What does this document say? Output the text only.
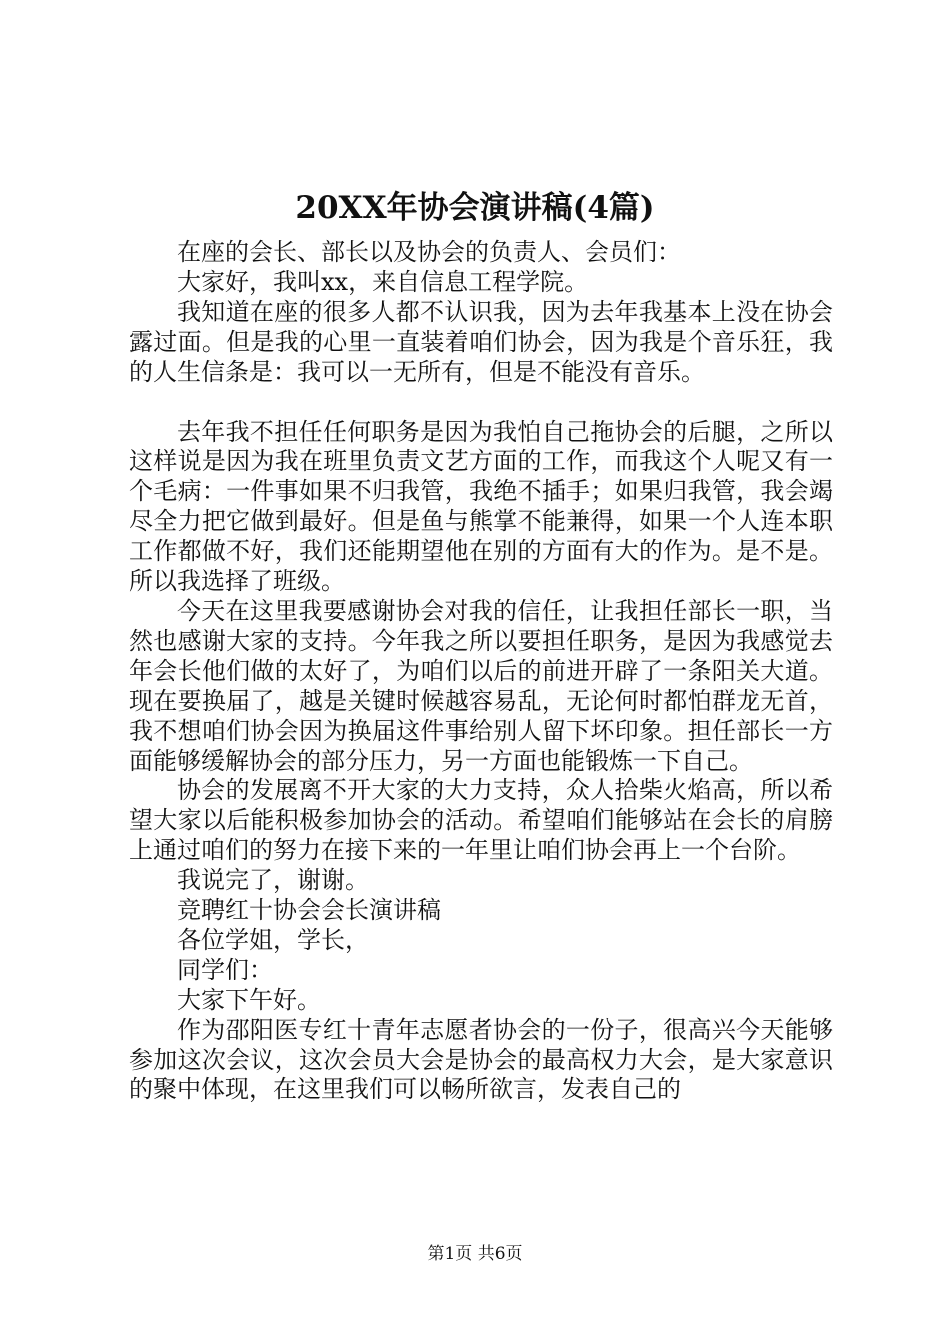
20XX年协会演讲稿(4篇)

在座的会长、部长以及协会的负责人、会员们：

大家好，我叫xx，来自信息工程学院。

我知道在座的很多人都不认识我，因为去年我基本上没在协会露过面。但是我的心里一直装着咱们协会，因为我是个音乐狂，我的人生信条是：我可以一无所有，但是不能没有音乐。

去年我不担任任何职务是因为我怕自己拖协会的后腿，之所以这样说是因为我在班里负责文艺方面的工作，而我这个人呢又有一个毛病：一件事如果不归我管，我绝不插手；如果归我管，我会竭尽全力把它做到最好。但是鱼与熊掌不能兼得，如果一个人连本职工作都做不好，我们还能期望他在别的方面有大的作为。是不是。所以我选择了班级。

今天在这里我要感谢协会对我的信任，让我担任部长一职，当然也感谢大家的支持。今年我之所以要担任职务，是因为我感觉去年会长他们做的太好了，为咱们以后的前进开辟了一条阳关大道。现在要换届了，越是关键时候越容易乱，无论何时都怕群龙无首，我不想咱们协会因为换届这件事给别人留下坏印象。担任部长一方面能够缓解协会的部分压力，另一方面也能锻炼一下自己。

协会的发展离不开大家的大力支持，众人拾柴火焰高，所以希望大家以后能积极参加协会的活动。希望咱们能够站在会长的肩膀上通过咱们的努力在接下来的一年里让咱们协会再上一个台阶。

我说完了，谢谢。

竞聘红十协会会长演讲稿

各位学姐，学长，

同学们：

大家下午好。

作为邵阳医专红十青年志愿者协会的一份子，很高兴今天能够参加这次会议，这次会员大会是协会的最高权力大会，是大家意识的聚中体现，在这里我们可以畅所欲言，发表自己的

第1页 共6页
